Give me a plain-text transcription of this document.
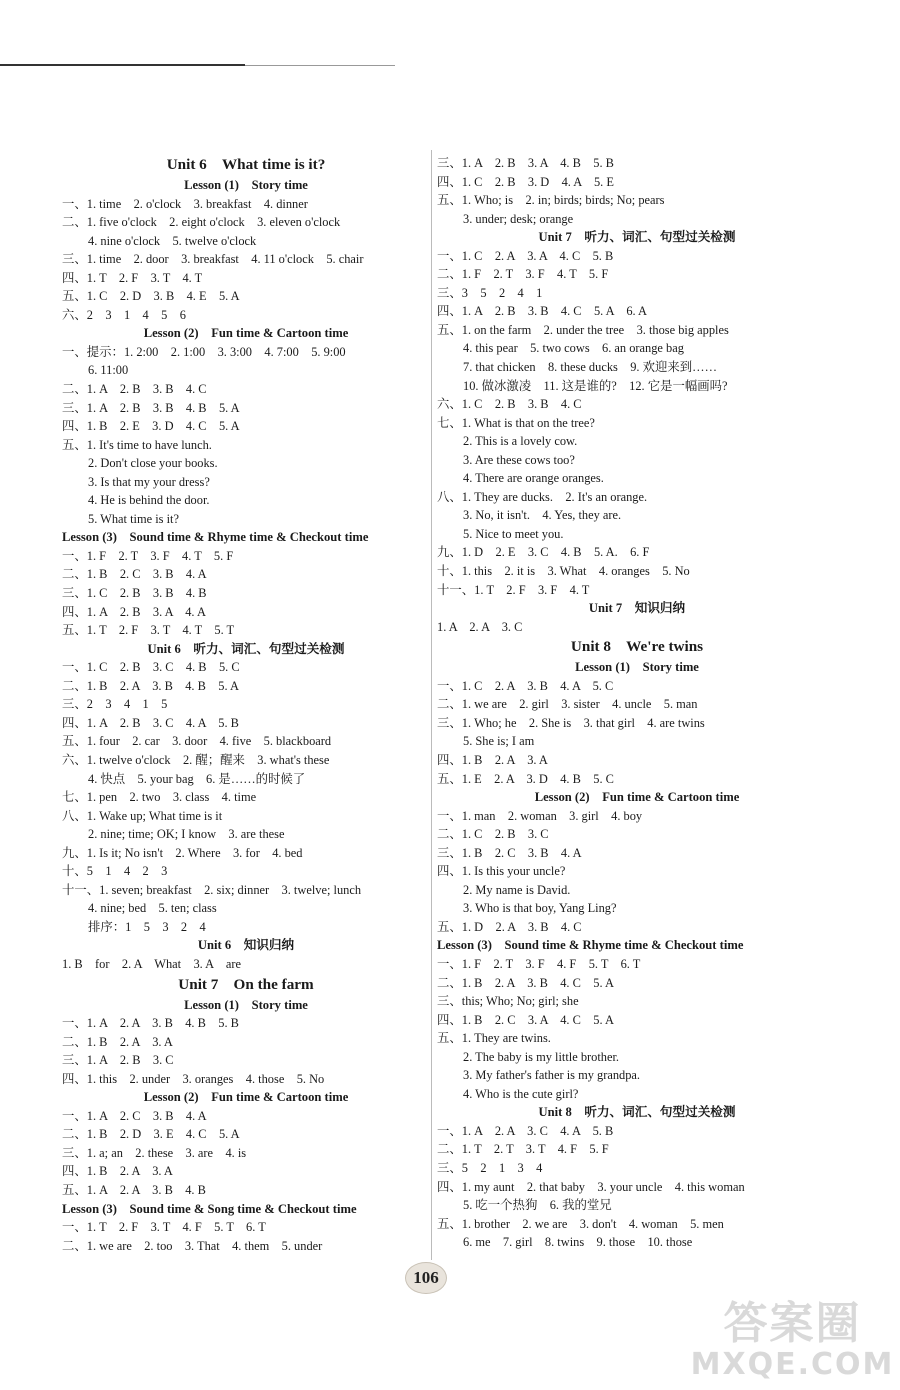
Unit 6　What time is it?
Lesson (1)　Story time
一、1. time　2. o'clock　3. breakfast　4. dinner
二、1. five o'clock　2. eight o'clock　3. eleven o'clock
4. nine o'clock　5. twelve o'clock
三、1. time　2. door　3. breakfast　4. 11 o'clock　5. chair
四、1. T　2. F　3. T　4. T
五、1. C　2. D　3. B　4. E　5. A
六、2　3　1　4　5　6
Lesson (2)　Fun time & Cartoon time
一、提示：1. 2:00　2. 1:00　3. 3:00　4. 7:00　5. 9:00
6. 11:00
二、1. A　2. B　3. B　4. C
三、1. A　2. B　3. B　4. B　5. A
四、1. B　2. E　3. D　4. C　5. A
五、1. It's time to have lunch.
2. Don't close your books.
3. Is that my your dress?
4. He is behind the door.
5. What time is it?
Lesson (3)　Sound time & Rhyme time & Checkout time
一、1. F　2. T　3. F　4. T　5. F
二、1. B　2. C　3. B　4. A
三、1. C　2. B　3. B　4. B
四、1. A　2. B　3. A　4. A
五、1. T　2. F　3. T　4. T　5. T
Unit 6　听力、词汇、句型过关检测
一、1. C　2. B　3. C　4. B　5. C
二、1. B　2. A　3. B　4. B　5. A
三、2　3　4　1　5
四、1. A　2. B　3. C　4. A　5. B
五、1. four　2. car　3. door　4. five　5. blackboard
六、1. twelve o'clock　2. 醒；醒来　3. what's these
4. 快点　5. your bag　6. 是……的时候了
七、1. pen　2. two　3. class　4. time
八、1. Wake up; What time is it
2. nine; time; OK; I know　3. are these
九、1. Is it; No isn't　2. Where　3. for　4. bed
十、5　1　4　2　3
十一、1. seven; breakfast　2. six; dinner　3. twelve; lunch
4. nine; bed　5. ten; class
排序：1　5　3　2　4
Unit 6　知识归纳
1. B　for　2. A　What　3. A　are
Unit 7　On the farm
Lesson (1)　Story time
一、1. A　2. A　3. B　4. B　5. B
二、1. B　2. A　3. A
三、1. A　2. B　3. C
四、1. this　2. under　3. oranges　4. those　5. No
Lesson (2)　Fun time & Cartoon time
一、1. A　2. C　3. B　4. A
二、1. B　2. D　3. E　4. C　5. A
三、1. a; an　2. these　3. are　4. is
四、1. B　2. A　3. A
五、1. A　2. A　3. B　4. B
Lesson (3)　Sound time & Song time & Checkout time
一、1. T　2. F　3. T　4. F　5. T　6. T
二、1. we are　2. too　3. That　4. them　5. under
三、1. A　2. B　3. A　4. B　5. B
四、1. C　2. B　3. D　4. A　5. E
五、1. Who; is　2. in; birds; birds; No; pears
3. under; desk; orange
Unit 7　听力、词汇、句型过关检测
一、1. C　2. A　3. A　4. C　5. B
二、1. F　2. T　3. F　4. T　5. F
三、3　5　2　4　1
四、1. A　2. B　3. B　4. C　5. A　6. A
五、1. on the farm　2. under the tree　3. those big apples
4. this pear　5. two cows　6. an orange bag
7. that chicken　8. these ducks　9. 欢迎来到……
10. 做冰激凌　11. 这是谁的?　12. 它是一幅画吗?
六、1. C　2. B　3. B　4. C
七、1. What is that on the tree?
2. This is a lovely cow.
3. Are these cows too?
4. There are orange oranges.
八、1. They are ducks.　2. It's an orange.
3. No, it isn't.　4. Yes, they are.
5. Nice to meet you.
九、1. D　2. E　3. C　4. B　5. A.　6. F
十、1. this　2. it is　3. What　4. oranges　5. No
十一、1. T　2. F　3. F　4. T
Unit 7　知识归纳
1. A　2. A　3. C
Unit 8　We're twins
Lesson (1)　Story time
一、1. C　2. A　3. B　4. A　5. C
二、1. we are　2. girl　3. sister　4. uncle　5. man
三、1. Who; he　2. She is　3. that girl　4. are twins
5. She is; I am
四、1. B　2. A　3. A
五、1. E　2. A　3. D　4. B　5. C
Lesson (2)　Fun time & Cartoon time
一、1. man　2. woman　3. girl　4. boy
二、1. C　2. B　3. C
三、1. B　2. C　3. B　4. A
四、1. Is this your uncle?
2. My name is David.
3. Who is that boy, Yang Ling?
五、1. D　2. A　3. B　4. C
Lesson (3)　Sound time & Rhyme time & Checkout time
一、1. F　2. T　3. F　4. F　5. T　6. T
二、1. B　2. A　3. B　4. C　5. A
三、this; Who; No; girl; she
四、1. B　2. C　3. A　4. C　5. A
五、1. They are twins.
2. The baby is my little brother.
3. My father's father is my grandpa.
4. Who is the cute girl?
Unit 8　听力、词汇、句型过关检测
一、1. A　2. A　3. C　4. A　5. B
二、1. T　2. T　3. T　4. F　5. F
三、5　2　1　3　4
四、1. my aunt　2. that baby　3. your uncle　4. this woman
5. 吃一个热狗　6. 我的堂兄
五、1. brother　2. we are　3. don't　4. woman　5. men
6. me　7. girl　8. twins　9. those　10. those
106
答案圈
MXQE.COM
